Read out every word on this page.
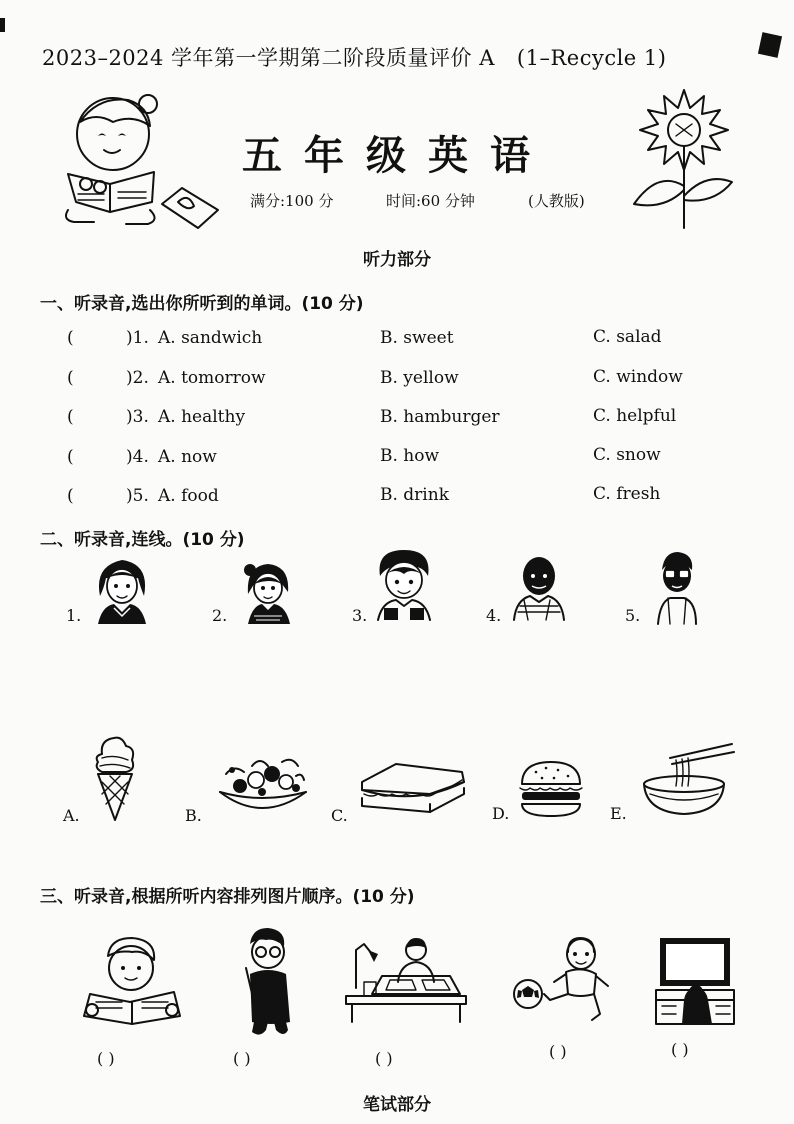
2023–2024 学年第一学期第二阶段质量评价 A (1–Recycle 1)
五年级英语
满分:100 分	时间:60 分钟	(人教版)
听力部分
一、听录音,选出你所听到的单词。(10 分)
(	)1. A. sandwich	B. sweet	C. salad
(	)2. A. tomorrow	B. yellow	C. window
(	)3. A. healthy	B. hamburger	C. helpful
(	)4. A. now	B. how	C. snow
(	)5. A. food	B. drink	C. fresh
二、听录音,连线。(10 分)
1.	2.	3.	4.	5.
A.	B.	C.	D.	E.
三、听录音,根据所听内容排列图片顺序。(10 分)
( )	( )	( )	( )	( )
笔试部分
